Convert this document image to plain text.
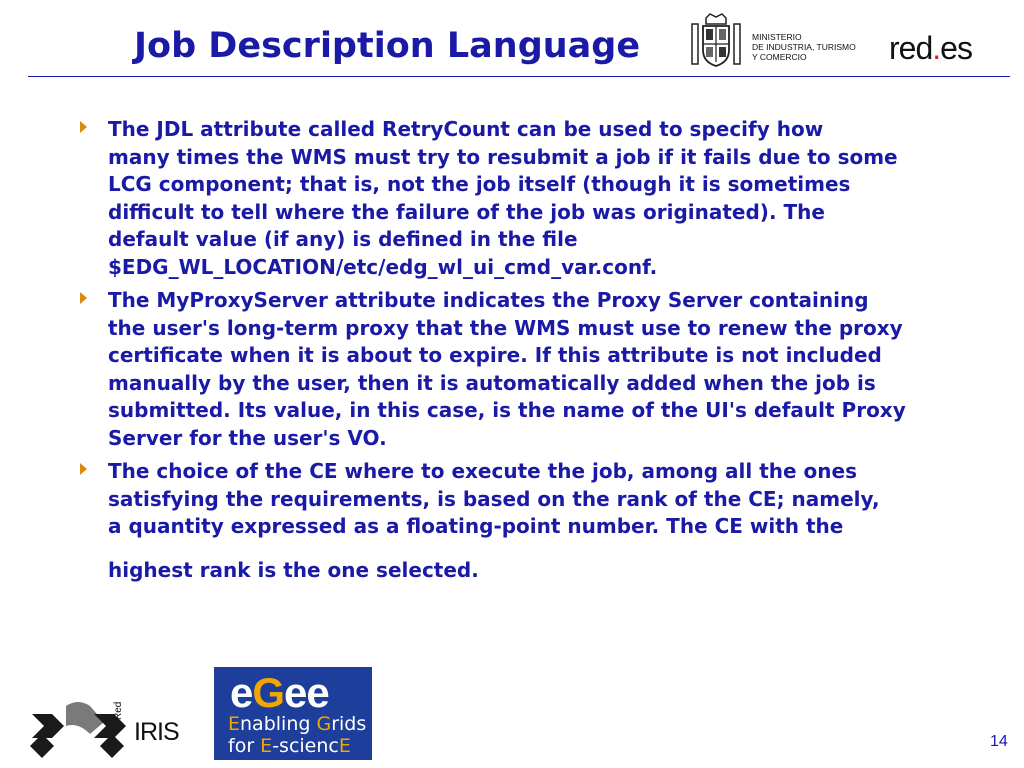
Job Description Language	MINISTERIO
DE INDUSTRIA, TURISMO
Y COMERCIO	red.es
The JDL attribute called RetryCount can be used to specify how
many times the WMS must try to resubmit a job if it fails due to some
LCG component; that is, not the job itself (though it is sometimes
difficult to tell where the failure of the job was originated). The
default value (if any) is defined in the file
$EDG_WL_LOCATION/etc/edg_wl_ui_cmd_var.conf.
The MyProxyServer attribute indicates the Proxy Server containing
the user's long-term proxy that the WMS must use to renew the proxy
certificate when it is about to expire. If this attribute is not included
manually by the user, then it is automatically added when the job is
submitted. Its value, in this case, is the name of the UI's default Proxy
Server for the user's VO.
The choice of the CE where to execute the job, among all the ones
satisfying the requirements, is based on the rank of the CE; namely,
a quantity expressed as a floating-point number. The CE with the
highest rank is the one selected.
Red
IRIS
eGee
Enabling Grids
for E-sciencE	14
